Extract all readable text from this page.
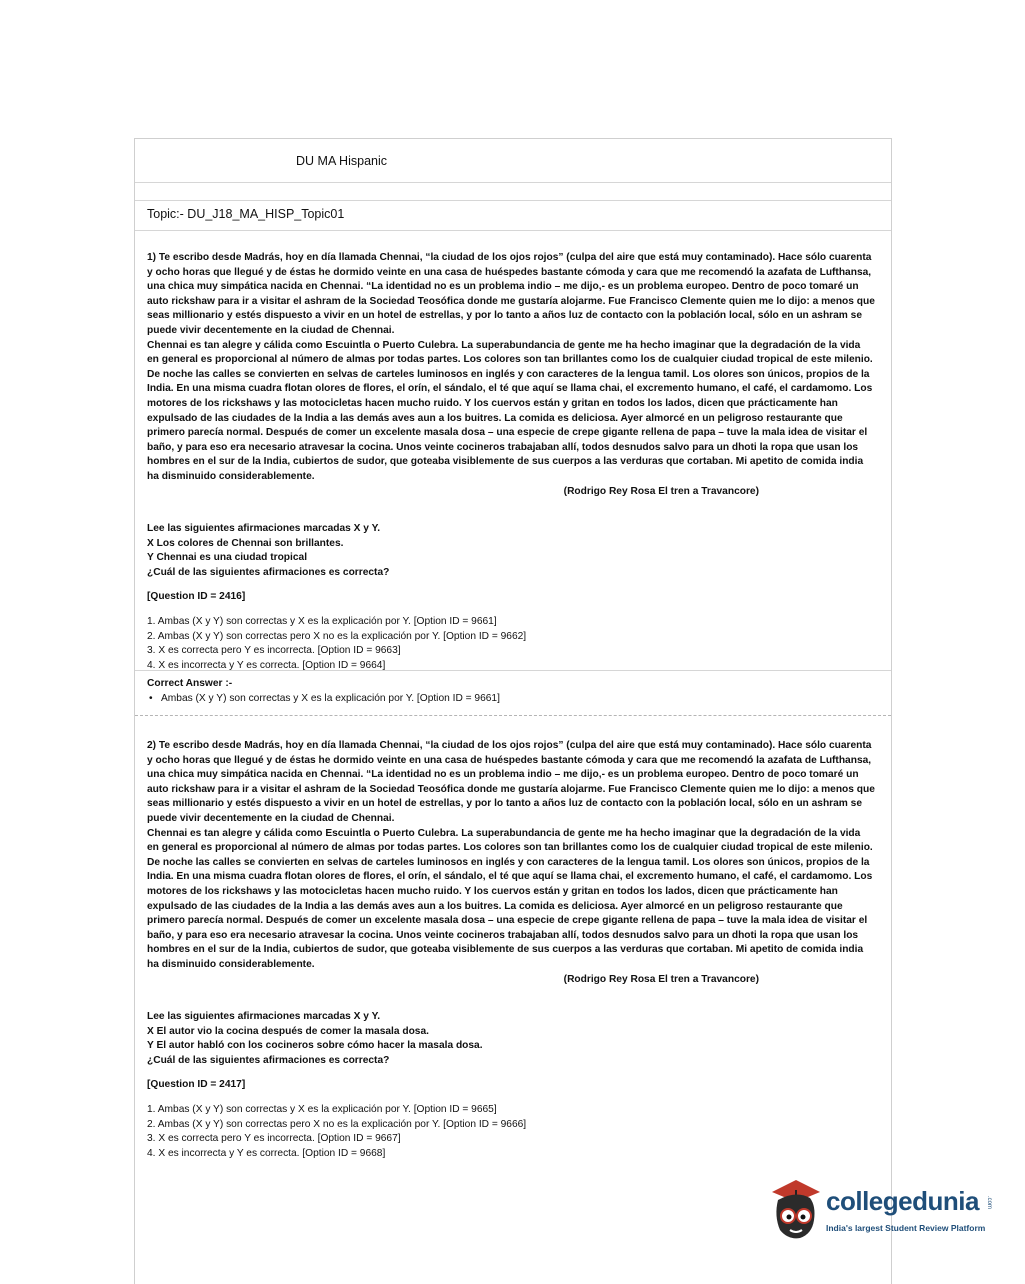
DU MA Hispanic
Topic:- DU_J18_MA_HISP_Topic01

1) Te escribo desde Madrás, hoy en día llamada Chennai, “la ciudad de los ojos rojos” (culpa del aire que está muy contaminado). Hace sólo cuarenta y ocho horas que llegué y de éstas he dormido veinte en una casa de huéspedes bastante cómoda y cara que me recomendó la azafata de Lufthansa, una chica muy simpática nacida en Chennai. “La identidad no es un problema indio – me dijo,- es un problema europeo. Dentro de poco tomaré un auto rickshaw para ir a visitar el ashram de la Sociedad Teosófica donde me gustaría alojarme. Fue Francisco Clemente quien me lo dijo: a menos que seas millionario y estés dispuesto a vivir en un hotel de estrellas, y por lo tanto a años luz de contacto con la población local, sólo en un ashram se puede vivir decentemente en la ciudad de Chennai.

Chennai es tan alegre y cálida como Escuintla o Puerto Culebra. La superabundancia de gente me ha hecho imaginar que la degradación de la vida en general es proporcional al número de almas por todas partes. Los colores son tan brillantes como los de cualquier ciudad tropical de este milenio. De noche las calles se convierten en selvas de carteles luminosos en inglés y con caracteres de la lengua tamil. Los olores son únicos, propios de la India. En una misma cuadra flotan olores de flores, el orín, el sándalo, el té que aquí se llama chai, el excremento humano, el café, el cardamomo. Los motores de los rickshaws y las motocicletas hacen mucho ruido. Y los cuervos están y gritan en todos los lados, dicen que prácticamente han expulsado de las ciudades de la India a las demás aves aun a los buitres. La comida es deliciosa. Ayer almorcé en un peligroso restaurante que primero parecía normal. Después de comer un excelente masala dosa – una especie de crepe gigante rellena de papa – tuve la mala idea de visitar el baño, y para eso era necesario atravesar la cocina. Unos veinte cocineros trabajaban allí, todos desnudos salvo para un dhoti la ropa que usan los hombres en el sur de la India, cubiertos de sudor, que goteaba visiblemente de sus cuerpos a las verduras que cortaban. Mi apetito de comida india ha disminuido considerablemente.

(Rodrigo Rey Rosa El tren a Travancore)

Lee las siguientes afirmaciones marcadas X y Y.
X Los colores de Chennai son brillantes.
Y Chennai es una ciudad tropical
¿Cuál de las siguientes afirmaciones es correcta?
[Question ID = 2416]
1. Ambas (X y Y) son correctas y X es la explicación por Y. [Option ID = 9661]
2. Ambas (X y Y) son correctas pero X no es la explicación por Y. [Option ID = 9662]
3. X es correcta pero Y es incorrecta. [Option ID = 9663]
4. X es incorrecta y Y es correcta. [Option ID = 9664]
Correct Answer :-
• Ambas (X y Y) son correctas y X es la explicación por Y. [Option ID = 9661]

2) Te escribo desde Madrás, hoy en día llamada Chennai, “la ciudad de los ojos rojos” (culpa del aire que está muy contaminado). Hace sólo cuarenta y ocho horas que llegué y de éstas he dormido veinte en una casa de huéspedes bastante cómoda y cara que me recomendó la azafata de Lufthansa, una chica muy simpática nacida en Chennai. “La identidad no es un problema indio – me dijo,- es un problema europeo. Dentro de poco tomaré un auto rickshaw para ir a visitar el ashram de la Sociedad Teosófica donde me gustaría alojarme. Fue Francisco Clemente quien me lo dijo: a menos que seas millionario y estés dispuesto a vivir en un hotel de estrellas, y por lo tanto a años luz de contacto con la población local, sólo en un ashram se puede vivir decentemente en la ciudad de Chennai.

Chennai es tan alegre y cálida como Escuintla o Puerto Culebra. La superabundancia de gente me ha hecho imaginar que la degradación de la vida en general es proporcional al número de almas por todas partes. Los colores son tan brillantes como los de cualquier ciudad tropical de este milenio. De noche las calles se convierten en selvas de carteles luminosos en inglés y con caracteres de la lengua tamil. Los olores son únicos, propios de la India. En una misma cuadra flotan olores de flores, el orín, el sándalo, el té que aquí se llama chai, el excremento humano, el café, el cardamomo. Los motores de los rickshaws y las motocicletas hacen mucho ruido. Y los cuervos están y gritan en todos los lados, dicen que prácticamente han expulsado de las ciudades de la India a las demás aves aun a los buitres. La comida es deliciosa. Ayer almorcé en un peligroso restaurante que primero parecía normal. Después de comer un excelente masala dosa – una especie de crepe gigante rellena de papa – tuve la mala idea de visitar el baño, y para eso era necesario atravesar la cocina. Unos veinte cocineros trabajaban allí, todos desnudos salvo para un dhoti la ropa que usan los hombres en el sur de la India, cubiertos de sudor, que goteaba visiblemente de sus cuerpos a las verduras que cortaban. Mi apetito de comida india ha disminuido considerablemente.

(Rodrigo Rey Rosa El tren a Travancore)

Lee las siguientes afirmaciones marcadas X y Y.
X El autor vio la cocina después de comer la masala dosa.
Y El autor habló con los cocineros sobre cómo hacer la masala dosa.
¿Cuál de las siguientes afirmaciones es correcta?
[Question ID = 2417]
1. Ambas (X y Y) son correctas y X es la explicación por Y. [Option ID = 9665]
2. Ambas (X y Y) son correctas pero X no es la explicación por Y. [Option ID = 9666]
3. X es correcta pero Y es incorrecta. [Option ID = 9667]
4. X es incorrecta y Y es correcta. [Option ID = 9668]
collegedunia .com
India's largest Student Review Platform
